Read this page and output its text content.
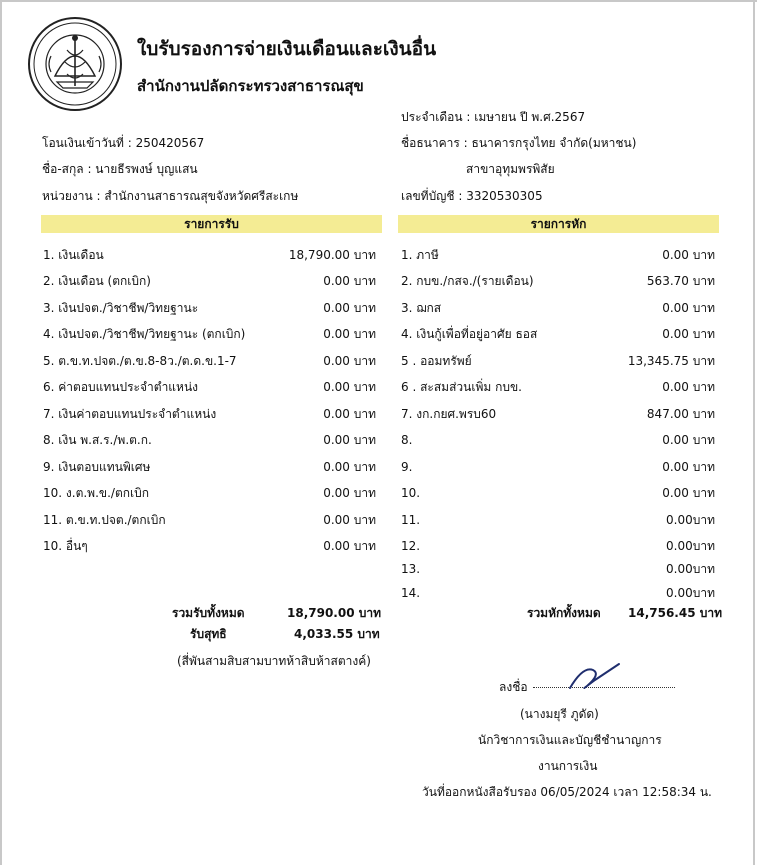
ใบรับรองการจ่ายเงินเดือนและเงินอื่น
สำนักงานปลัดกระทรวงสาธารณสุข
โอนเงินเข้าวันที่ : 250420567
ชื่อ-สกุล : นายธีรพงษ์ บุญแสน
หน่วยงาน : สำนักงานสาธารณสุขจังหวัดศรีสะเกษ
ประจำเดือน : เมษายน ปี พ.ศ.2567
ชื่อธนาคาร : ธนาคารกรุงไทย จำกัด(มหาชน)
สาขาอุทุมพรพิสัย
เลขที่บัญชี : 3320530305
รายการรับ	รายการหัก
1. เงินเดือน	18,790.00 บาท
2. เงินเดือน (ตกเบิก)	0.00 บาท
3. เงินปจต./วิชาชีพ/วิทยฐานะ	0.00 บาท
4. เงินปจต./วิชาชีพ/วิทยฐานะ (ตกเบิก)	0.00 บาท
5. ต.ข.ท.ปจต./ต.ข.8-8ว./ต.ด.ข.1-7	0.00 บาท
6. ค่าตอบแทนประจำตำแหน่ง	0.00 บาท
7. เงินค่าตอบแทนประจำตำแหน่ง	0.00 บาท
8. เงิน พ.ส.ร./พ.ต.ก.	0.00 บาท
9. เงินตอบแทนพิเศษ	0.00 บาท
10. ง.ต.พ.ข./ตกเบิก	0.00 บาท
11. ต.ข.ท.ปจต./ตกเบิก	0.00 บาท
10. อื่นๆ	0.00 บาท
1. ภาษี	0.00 บาท
2. กบข./กสจ./(รายเดือน)	563.70 บาท
3. ฌกส	0.00 บาท
4. เงินกู้เพื่อที่อยู่อาศัย ธอส	0.00 บาท
5 . ออมทรัพย์	13,345.75 บาท
6 . สะสมส่วนเพิ่ม กบข.	0.00 บาท
7. งก.กยศ.พรบ60	847.00 บาท
8.	0.00 บาท
9.	0.00 บาท
10.	0.00 บาท
11.	0.00บาท
12.	0.00บาท
13.	0.00บาท
14.	0.00บาท
รวมรับทั้งหมด	18,790.00 บาท
รับสุทธิ	4,033.55 บาท
(สี่พันสามสิบสามบาทห้าสิบห้าสตางค์)
รวมหักทั้งหมด 14,756.45 บาท
ลงชื่อ
(นางมยุรี ภูดัด)
นักวิชาการเงินและบัญชีชำนาญการ
งานการเงิน
วันที่ออกหนังสือรับรอง 06/05/2024 เวลา 12:58:34 น.
